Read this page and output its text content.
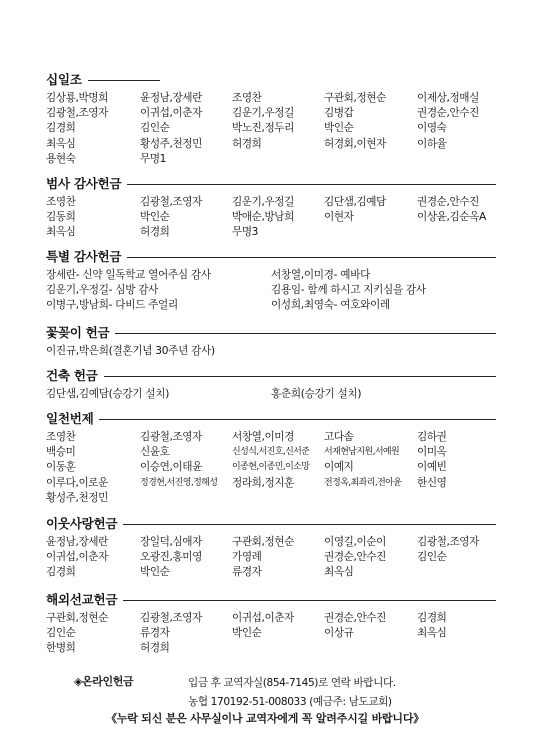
십일조
김상룡,박명희	윤정남,장세란	조영찬	구관회,정현순	이제상,정매실
김광철,조영자	이귀섭,이춘자	김운기,우정길	김병갑	권경순,안수진
김경희	김인순	박노진,정두리	박인순	이영숙
최옥심	황성주,천정민	허경희	허경회,이현자	이하율
용현숙	무명1
범사 감사헌금
조영찬	김광철,조영자	김운기,우정길	김단샘,김예담	권경순,안수진
김동희	박인순	박애순,방남희	이현자	이상윤,김순옥A
최옥심	허경희	무명3
특별 감사헌금
장세란- 신약 일독학교 열어주심 감사	서창열,이미경- 예바다
김운기,우정길- 심방 감사	김용임- 함께 하시고 지키심을 감사
이병구,방남희- 다비드 주얼리	이성희,최영숙- 여호와이레
꽃꽂이 헌금
이진규,박은희(결혼기념 30주년 감사)
건축 헌금
김단샘,김예담(승강기 설치)	홍춘희(승강기 설치)
일천번제
조영찬	김광철,조영자	서창열,이미경	고다솜	김하권
백승미	신윤호	신성식,서진호,신서준	서재현남지원,서예원	이미옥
이동훈	이승연,이태윤	이종현,이종민,이소망	이예지	이예빈
이루다,이로운	정경현,서진영,정해성	정라희,정지훈	전정옥,최좌리,전아윤	한신영
황성주,천정민
이웃사랑헌금
윤정남,장세란	장일덕,심애자	구관회,정현순	이영길,이순이	김광철,조영자
이귀섭,이춘자	오광진,홍미영	가영례	권경순,안수진	김인순
김경희	박인순	류경자	최옥심
해외선교헌금
구관회,정현순	김광철,조영자	이귀섭,이춘자	권경순,안수진	김경희
김인순	류경자	박인순	이상규	최옥심
한병희	허경희
◈온라인헌금	입금 후 교역자실(854-7145)로 연락 바랍니다.
농협 170192-51-008033 (예금주: 남도교회)
《누락 되신 분은 사무실이나 교역자에게 꼭 알려주시길 바랍니다》
